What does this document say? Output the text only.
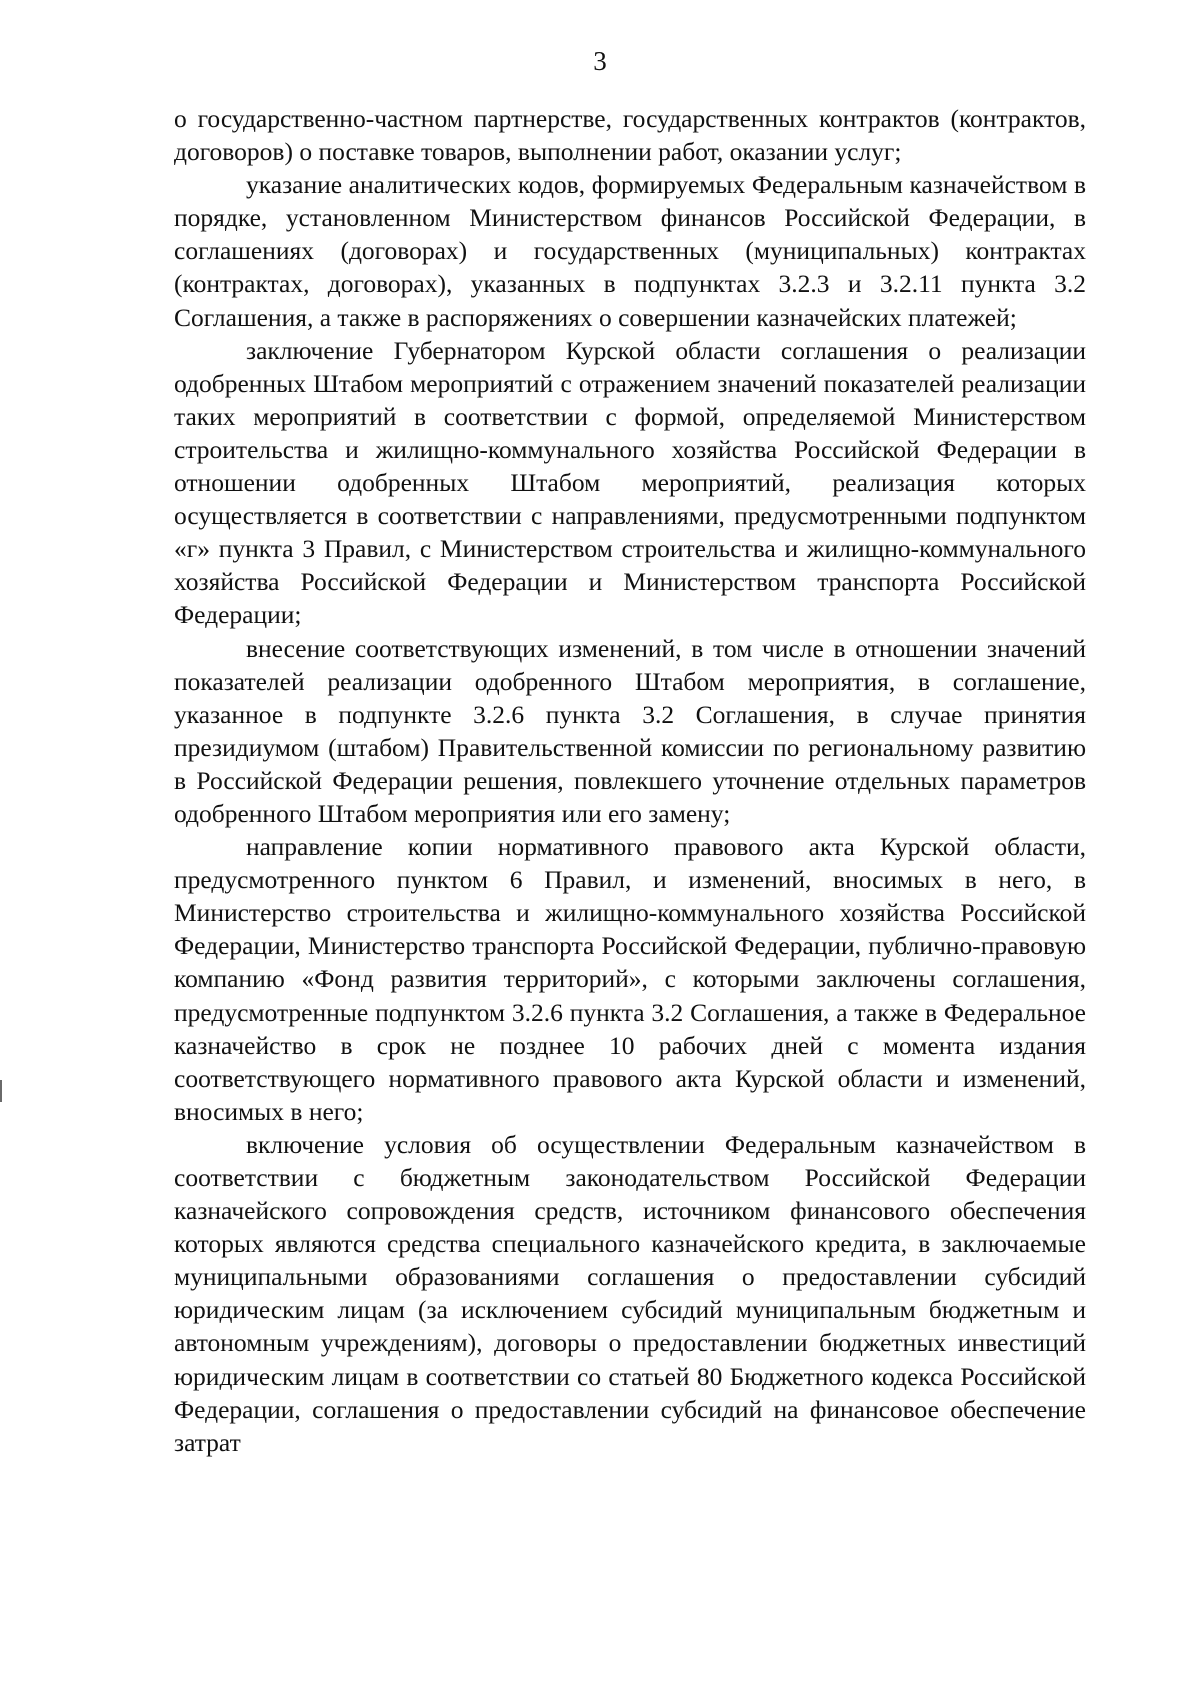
3

о государственно-частном партнерстве, государственных контрактов (контрактов, договоров) о поставке товаров, выполнении работ, оказании услуг;

указание аналитических кодов, формируемых Федеральным казначейством в порядке, установленном Министерством финансов Российской Федерации, в соглашениях (договорах) и государственных (муниципальных) контрактах (контрактах, договорах), указанных в подпунктах 3.2.3 и 3.2.11 пункта 3.2 Соглашения, а также в распоряжениях о совершении казначейских платежей;

заключение Губернатором Курской области соглашения о реализации одобренных Штабом мероприятий с отражением значений показателей реализации таких мероприятий в соответствии с формой, определяемой Министерством строительства и жилищно-коммунального хозяйства Российской Федерации в отношении одобренных Штабом мероприятий, реализация которых осуществляется в соответствии с направлениями, предусмотренными подпунктом «г» пункта 3 Правил, с Министерством строительства и жилищно-коммунального хозяйства Российской Федерации и Министерством транспорта Российской Федерации;

внесение соответствующих изменений, в том числе в отношении значений показателей реализации одобренного Штабом мероприятия, в соглашение, указанное в подпункте 3.2.6 пункта 3.2 Соглашения, в случае принятия президиумом (штабом) Правительственной комиссии по региональному развитию в Российской Федерации решения, повлекшего уточнение отдельных параметров одобренного Штабом мероприятия или его замену;

направление копии нормативного правового акта Курской области, предусмотренного пунктом 6 Правил, и изменений, вносимых в него, в Министерство строительства и жилищно-коммунального хозяйства Российской Федерации, Министерство транспорта Российской Федерации, публично-правовую компанию «Фонд развития территорий», с которыми заключены соглашения, предусмотренные подпунктом 3.2.6 пункта 3.2 Соглашения, а также в Федеральное казначейство в срок не позднее 10 рабочих дней с момента издания соответствующего нормативного правового акта Курской области и изменений, вносимых в него;

включение условия об осуществлении Федеральным казначейством в соответствии с бюджетным законодательством Российской Федерации казначейского сопровождения средств, источником финансового обеспечения которых являются средства специального казначейского кредита, в заключаемые муниципальными образованиями соглашения о предоставлении субсидий юридическим лицам (за исключением субсидий муниципальным бюджетным и автономным учреждениям), договоры о предоставлении бюджетных инвестиций юридическим лицам в соответствии со статьей 80 Бюджетного кодекса Российской Федерации, соглашения о предоставлении субсидий на финансовое обеспечение затрат
